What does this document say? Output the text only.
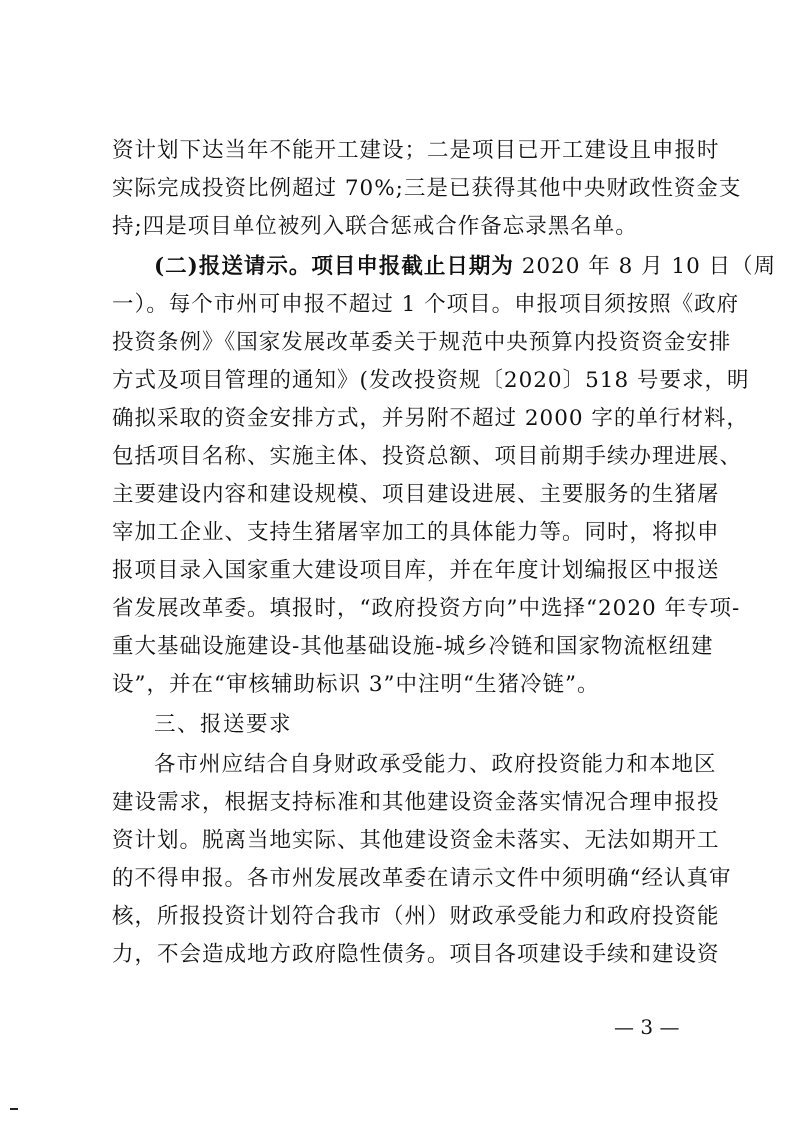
资计划下达当年不能开工建设；二是项目已开工建设且申报时
实际完成投资比例超过 70%;三是已获得其他中央财政性资金支
持;四是项目单位被列入联合惩戒合作备忘录黑名单。
(二)报送请示。项目申报截止日期为 2020 年 8 月 10 日（周
一）。每个市州可申报不超过 1 个项目。申报项目须按照《政府
投资条例》《国家发展改革委关于规范中央预算内投资资金安排
方式及项目管理的通知》(发改投资规〔2020〕518 号要求，明
确拟采取的资金安排方式，并另附不超过 2000 字的单行材料，
包括项目名称、实施主体、投资总额、项目前期手续办理进展、
主要建设内容和建设规模、项目建设进展、主要服务的生猪屠
宰加工企业、支持生猪屠宰加工的具体能力等。同时，将拟申
报项目录入国家重大建设项目库，并在年度计划编报区中报送
省发展改革委。填报时，“政府投资方向”中选择“2020 年专项-
重大基础设施建设-其他基础设施-城乡冷链和国家物流枢纽建
设”，并在“审核辅助标识 3”中注明“生猪冷链”。
三、报送要求
各市州应结合自身财政承受能力、政府投资能力和本地区
建设需求，根据支持标准和其他建设资金落实情况合理申报投
资计划。脱离当地实际、其他建设资金未落实、无法如期开工
的不得申报。各市州发展改革委在请示文件中须明确“经认真审
核，所报投资计划符合我市（州）财政承受能力和政府投资能
力，不会造成地方政府隐性债务。项目各项建设手续和建设资
— 3 —
